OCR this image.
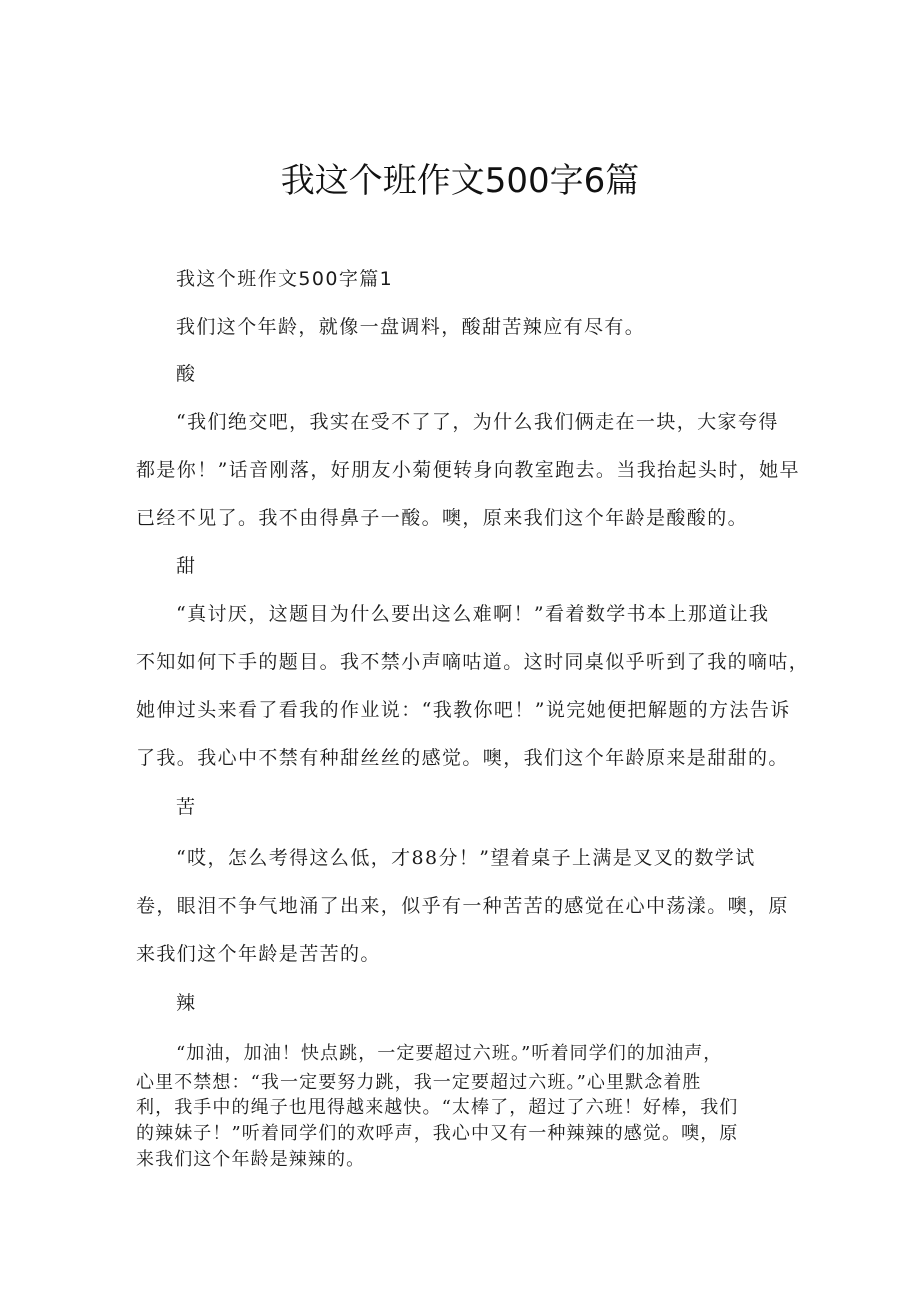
我这个班作文500字6篇

我这个班作文500字篇1

我们这个年龄，就像一盘调料，酸甜苦辣应有尽有。

酸

“我们绝交吧，我实在受不了了，为什么我们俩走在一块，大家夸得

都是你！”话音刚落，好朋友小菊便转身向教室跑去。当我抬起头时，她早

已经不见了。我不由得鼻子一酸。噢，原来我们这个年龄是酸酸的。

甜

“真讨厌，这题目为什么要出这么难啊！”看着数学书本上那道让我

不知如何下手的题目。我不禁小声嘀咕道。这时同桌似乎听到了我的嘀咕，

她伸过头来看了看我的作业说：“我教你吧！”说完她便把解题的方法告诉

了我。我心中不禁有种甜丝丝的感觉。噢，我们这个年龄原来是甜甜的。

苦

“哎，怎么考得这么低，才88分！”望着桌子上满是叉叉的数学试

卷，眼泪不争气地涌了出来，似乎有一种苦苦的感觉在心中荡漾。噢，原

来我们这个年龄是苦苦的。

辣

“加油，加油！快点跳，一定要超过六班。”听着同学们的加油声，

心里不禁想：“我一定要努力跳，我一定要超过六班。”心里默念着胜

利，我手中的绳子也甩得越来越快。“太棒了，超过了六班！好棒，我们

的辣妹子！”听着同学们的欢呼声，我心中又有一种辣辣的感觉。噢，原

来我们这个年龄是辣辣的。
